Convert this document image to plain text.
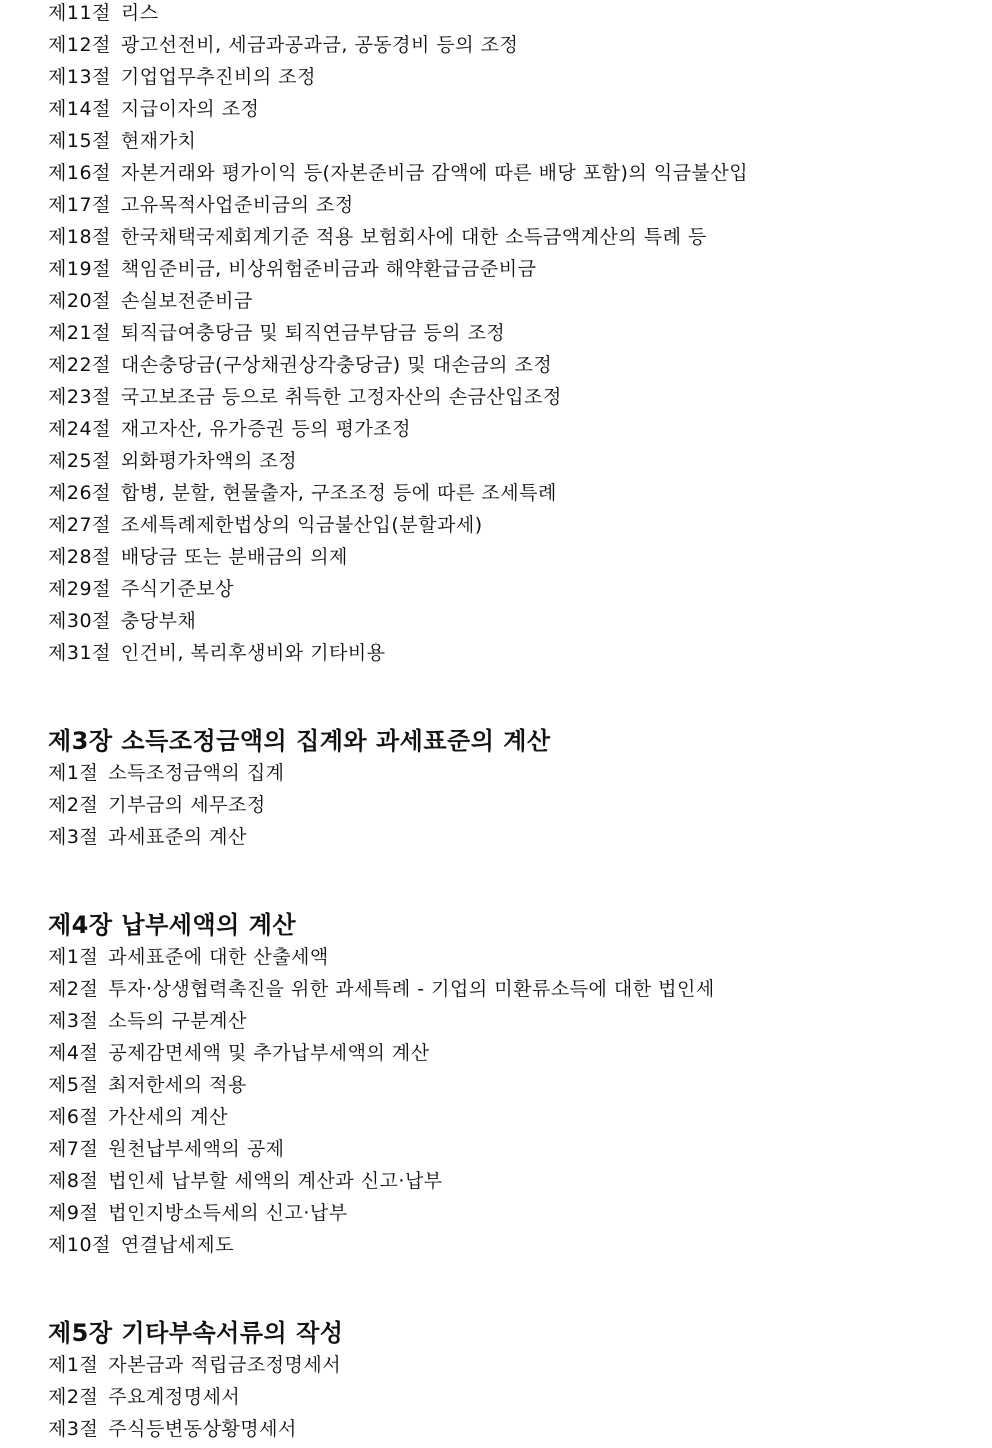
제11절 리스
제12절 광고선전비, 세금과공과금, 공동경비 등의 조정
제13절 기업업무추진비의 조정
제14절 지급이자의 조정
제15절 현재가치
제16절 자본거래와 평가이익 등(자본준비금 감액에 따른 배당 포함)의 익금불산입
제17절 고유목적사업준비금의 조정
제18절 한국채택국제회계기준 적용 보험회사에 대한 소득금액계산의 특례 등
제19절 책임준비금, 비상위험준비금과 해약환급금준비금
제20절 손실보전준비금
제21절 퇴직급여충당금 및 퇴직연금부담금 등의 조정
제22절 대손충당금(구상채권상각충당금) 및 대손금의 조정
제23절 국고보조금 등으로 취득한 고정자산의 손금산입조정
제24절 재고자산, 유가증권 등의 평가조정
제25절 외화평가차액의 조정
제26절 합병, 분할, 현물출자, 구조조정 등에 따른 조세특례
제27절 조세특례제한법상의 익금불산입(분할과세)
제28절 배당금 또는 분배금의 의제
제29절 주식기준보상
제30절 충당부채
제31절 인건비, 복리후생비와 기타비용
제3장 소득조정금액의 집계와 과세표준의 계산
제1절 소득조정금액의 집계
제2절 기부금의 세무조정
제3절 과세표준의 계산
제4장 납부세액의 계산
제1절 과세표준에 대한 산출세액
제2절 투자·상생협력촉진을 위한 과세특례 - 기업의 미환류소득에 대한 법인세
제3절 소득의 구분계산
제4절 공제감면세액 및 추가납부세액의 계산
제5절 최저한세의 적용
제6절 가산세의 계산
제7절 원천납부세액의 공제
제8절 법인세 납부할 세액의 계산과 신고·납부
제9절 법인지방소득세의 신고·납부
제10절 연결납세제도
제5장 기타부속서류의 작성
제1절 자본금과 적립금조정명세서
제2절 주요계정명세서
제3절 주식등변동상황명세서
